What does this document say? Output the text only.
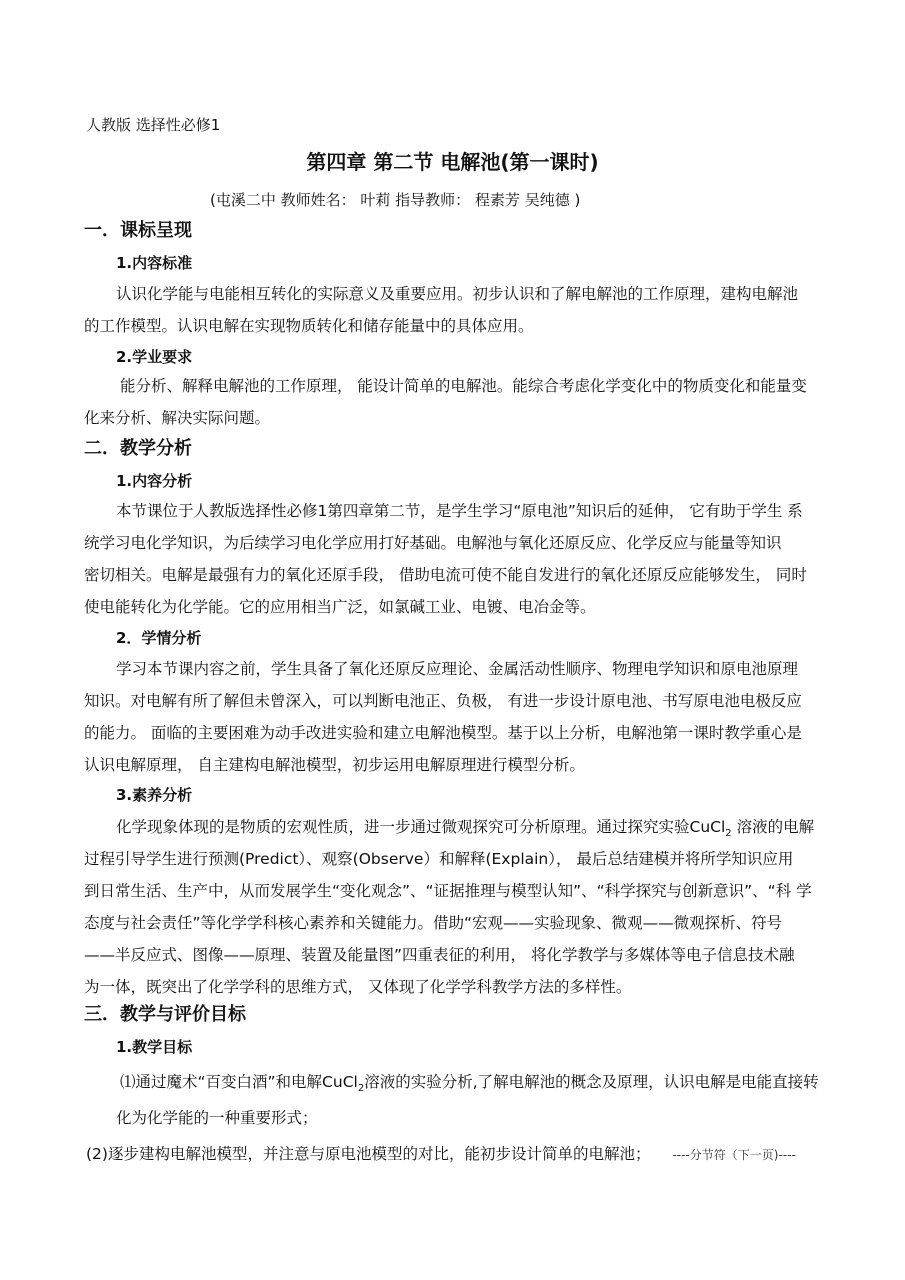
人教版 选择性必修1
第四章 第二节 电解池(第一课时)
(屯溪二中 教师姓名： 叶莉 指导教师： 程素芳 吴纯德 )
一．课标呈现
1.内容标准
认识化学能与电能相互转化的实际意义及重要应用。初步认识和了解电解池的工作原理，建构电解池
的工作模型。认识电解在实现物质转化和储存能量中的具体应用。
2.学业要求
能分析、解释电解池的工作原理， 能设计简单的电解池。能综合考虑化学变化中的物质变化和能量变
化来分析、解决实际问题。
二．教学分析
1.内容分析
本节课位于人教版选择性必修1第四章第二节，是学生学习“原电池”知识后的延伸， 它有助于学生 系
统学习电化学知识，为后续学习电化学应用打好基础。电解池与氧化还原反应、化学反应与能量等知识
密切相关。电解是最强有力的氧化还原手段， 借助电流可使不能自发进行的氧化还原反应能够发生， 同时
使电能转化为化学能。它的应用相当广泛，如氯碱工业、电镀、电冶金等。
2．学情分析
学习本节课内容之前，学生具备了氧化还原反应理论、金属活动性顺序、物理电学知识和原电池原理
知识。对电解有所了解但未曾深入，可以判断电池正、负极， 有进一步设计原电池、书写原电池电极反应
的能力。 面临的主要困难为动手改进实验和建立电解池模型。基于以上分析，电解池第一课时教学重心是
认识电解原理， 自主建构电解池模型，初步运用电解原理进行模型分析。
3.素养分析
化学现象体现的是物质的宏观性质，进一步通过微观探究可分析原理。通过探究实验CuCl$_2$ 溶液的电解
过程引导学生进行预测(Predict）、观察(Observe）和解释(Explain）， 最后总结建模并将所学知识应用
到日常生活、生产中，从而发展学生“变化观念”、“证据推理与模型认知”、“科学探究与创新意识”、“科 学
态度与社会责任”等化学学科核心素养和关键能力。借助“宏观——实验现象、微观——微观探析、符号
——半反应式、图像——原理、装置及能量图”四重表征的利用， 将化学教学与多媒体等电子信息技术融
为一体，既突出了化学学科的思维方式， 又体现了化学学科教学方法的多样性。
三．教学与评价目标
1.教学目标
⑴通过魔术“百变白酒”和电解CuCl$_2$溶液的实验分析,了解电解池的概念及原理，认识电解是电能直接转
化为化学能的一种重要形式；
(2)逐步建构电解池模型，并注意与原电池模型的对比，能初步设计简单的电解池； ----分节符（下一页)----
